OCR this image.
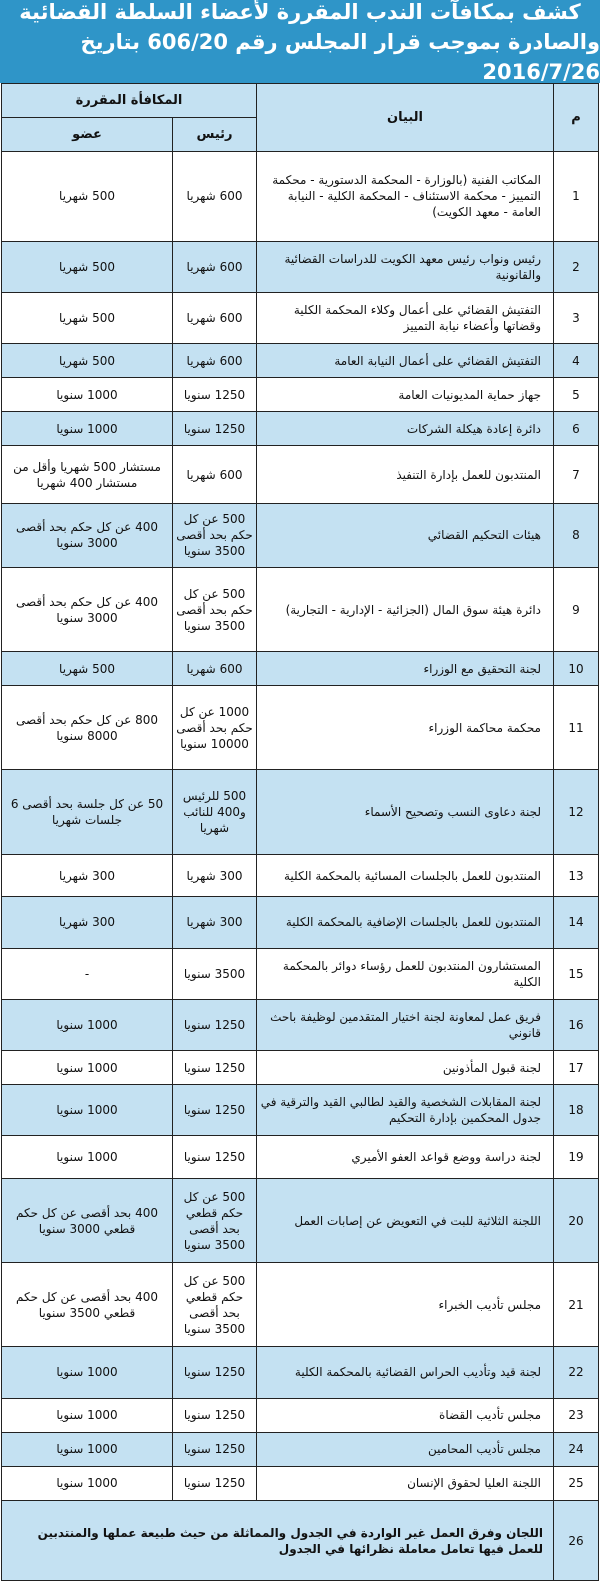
كشف بمكافآت الندب المقررة لأعضاء السلطة القضائية
والصادرة بموجب قرار المجلس رقم 606/20 بتاريخ 2016/7/26
م	البيان	المكافأة المقررة	
		رئيس	عضو
1	المكاتب الفنية (بالوزارة - المحكمة الدستورية - محكمة التمييز - محكمة الاستئناف - المحكمة الكلية - النيابة العامة - معهد الكويت)	600 شهريا	500 شهريا
2	رئيس ونواب رئيس معهد الكويت للدراسات القضائية والقانونية	600 شهريا	500 شهريا
3	التفتيش القضائي على أعمال وكلاء المحكمة الكلية وقضاتها وأعضاء نيابة التمييز	600 شهريا	500 شهريا
4	التفتيش القضائي على أعمال النيابة العامة	600 شهريا	500 شهريا
5	جهاز حماية المديونيات العامة	1250 سنويا	1000 سنويا
6	دائرة إعادة هيكلة الشركات	1250 سنويا	1000 سنويا
7	المنتدبون للعمل بإدارة التنفيذ	600 شهريا	مستشار 500 شهريا وأقل من مستشار 400 شهريا
8	هيئات التحكيم القضائي	500 عن كل حكم بحد أقصى 3500 سنويا	400 عن كل حكم بحد أقصى 3000 سنويا
9	دائرة هيئة سوق المال (الجزائية - الإدارية - التجارية)	500 عن كل حكم بحد أقصى 3500 سنويا	400 عن كل حكم بحد أقصى 3000 سنويا
10	لجنة التحقيق مع الوزراء	600 شهريا	500 شهريا
11	محكمة محاكمة الوزراء	1000 عن كل حكم بحد أقصى 10000 سنويا	800 عن كل حكم بحد أقصى 8000 سنويا
12	لجنة دعاوى النسب وتصحيح الأسماء	500 للرئيس و400 للنائب شهريا	50 عن كل جلسة بحد أقصى 6 جلسات شهريا
13	المنتدبون للعمل بالجلسات المسائية بالمحكمة الكلية	300 شهريا	300 شهريا
14	المنتدبون للعمل بالجلسات الإضافية بالمحكمة الكلية	300 شهريا	300 شهريا
15	المستشارون المنتدبون للعمل رؤساء دوائر بالمحكمة الكلية	3500 سنويا	-
16	فريق عمل لمعاونة لجنة اختيار المتقدمين لوظيفة باحث قانوني	1250 سنويا	1000 سنويا
17	لجنة قبول المأذونين	1250 سنويا	1000 سنويا
18	لجنة المقابلات الشخصية والقيد لطالبي القيد والترقية في جدول المحكمين بإدارة التحكيم	1250 سنويا	1000 سنويا
19	لجنة دراسة ووضع قواعد العفو الأميري	1250 سنويا	1000 سنويا
20	اللجنة الثلاثية للبت في التعويض عن إصابات العمل	500 عن كل حكم قطعي بحد أقصى 3500 سنويا	400 بحد أقصى عن كل حكم قطعي 3000 سنويا
21	مجلس تأديب الخبراء	500 عن كل حكم قطعي بحد أقصى 3500 سنويا	400 بحد أقصى عن كل حكم قطعي 3500 سنويا
22	لجنة قيد وتأديب الحراس القضائية بالمحكمة الكلية	1250 سنويا	1000 سنويا
23	مجلس تأديب القضاة	1250 سنويا	1000 سنويا
24	مجلس تأديب المحامين	1250 سنويا	1000 سنويا
25	اللجنة العليا لحقوق الإنسان	1250 سنويا	1000 سنويا
26	اللجان وفرق العمل غير الواردة في الجدول والمماثلة من حيث طبيعة عملها والمنتدبين للعمل فيها تعامل معاملة نظرائها في الجدول		
